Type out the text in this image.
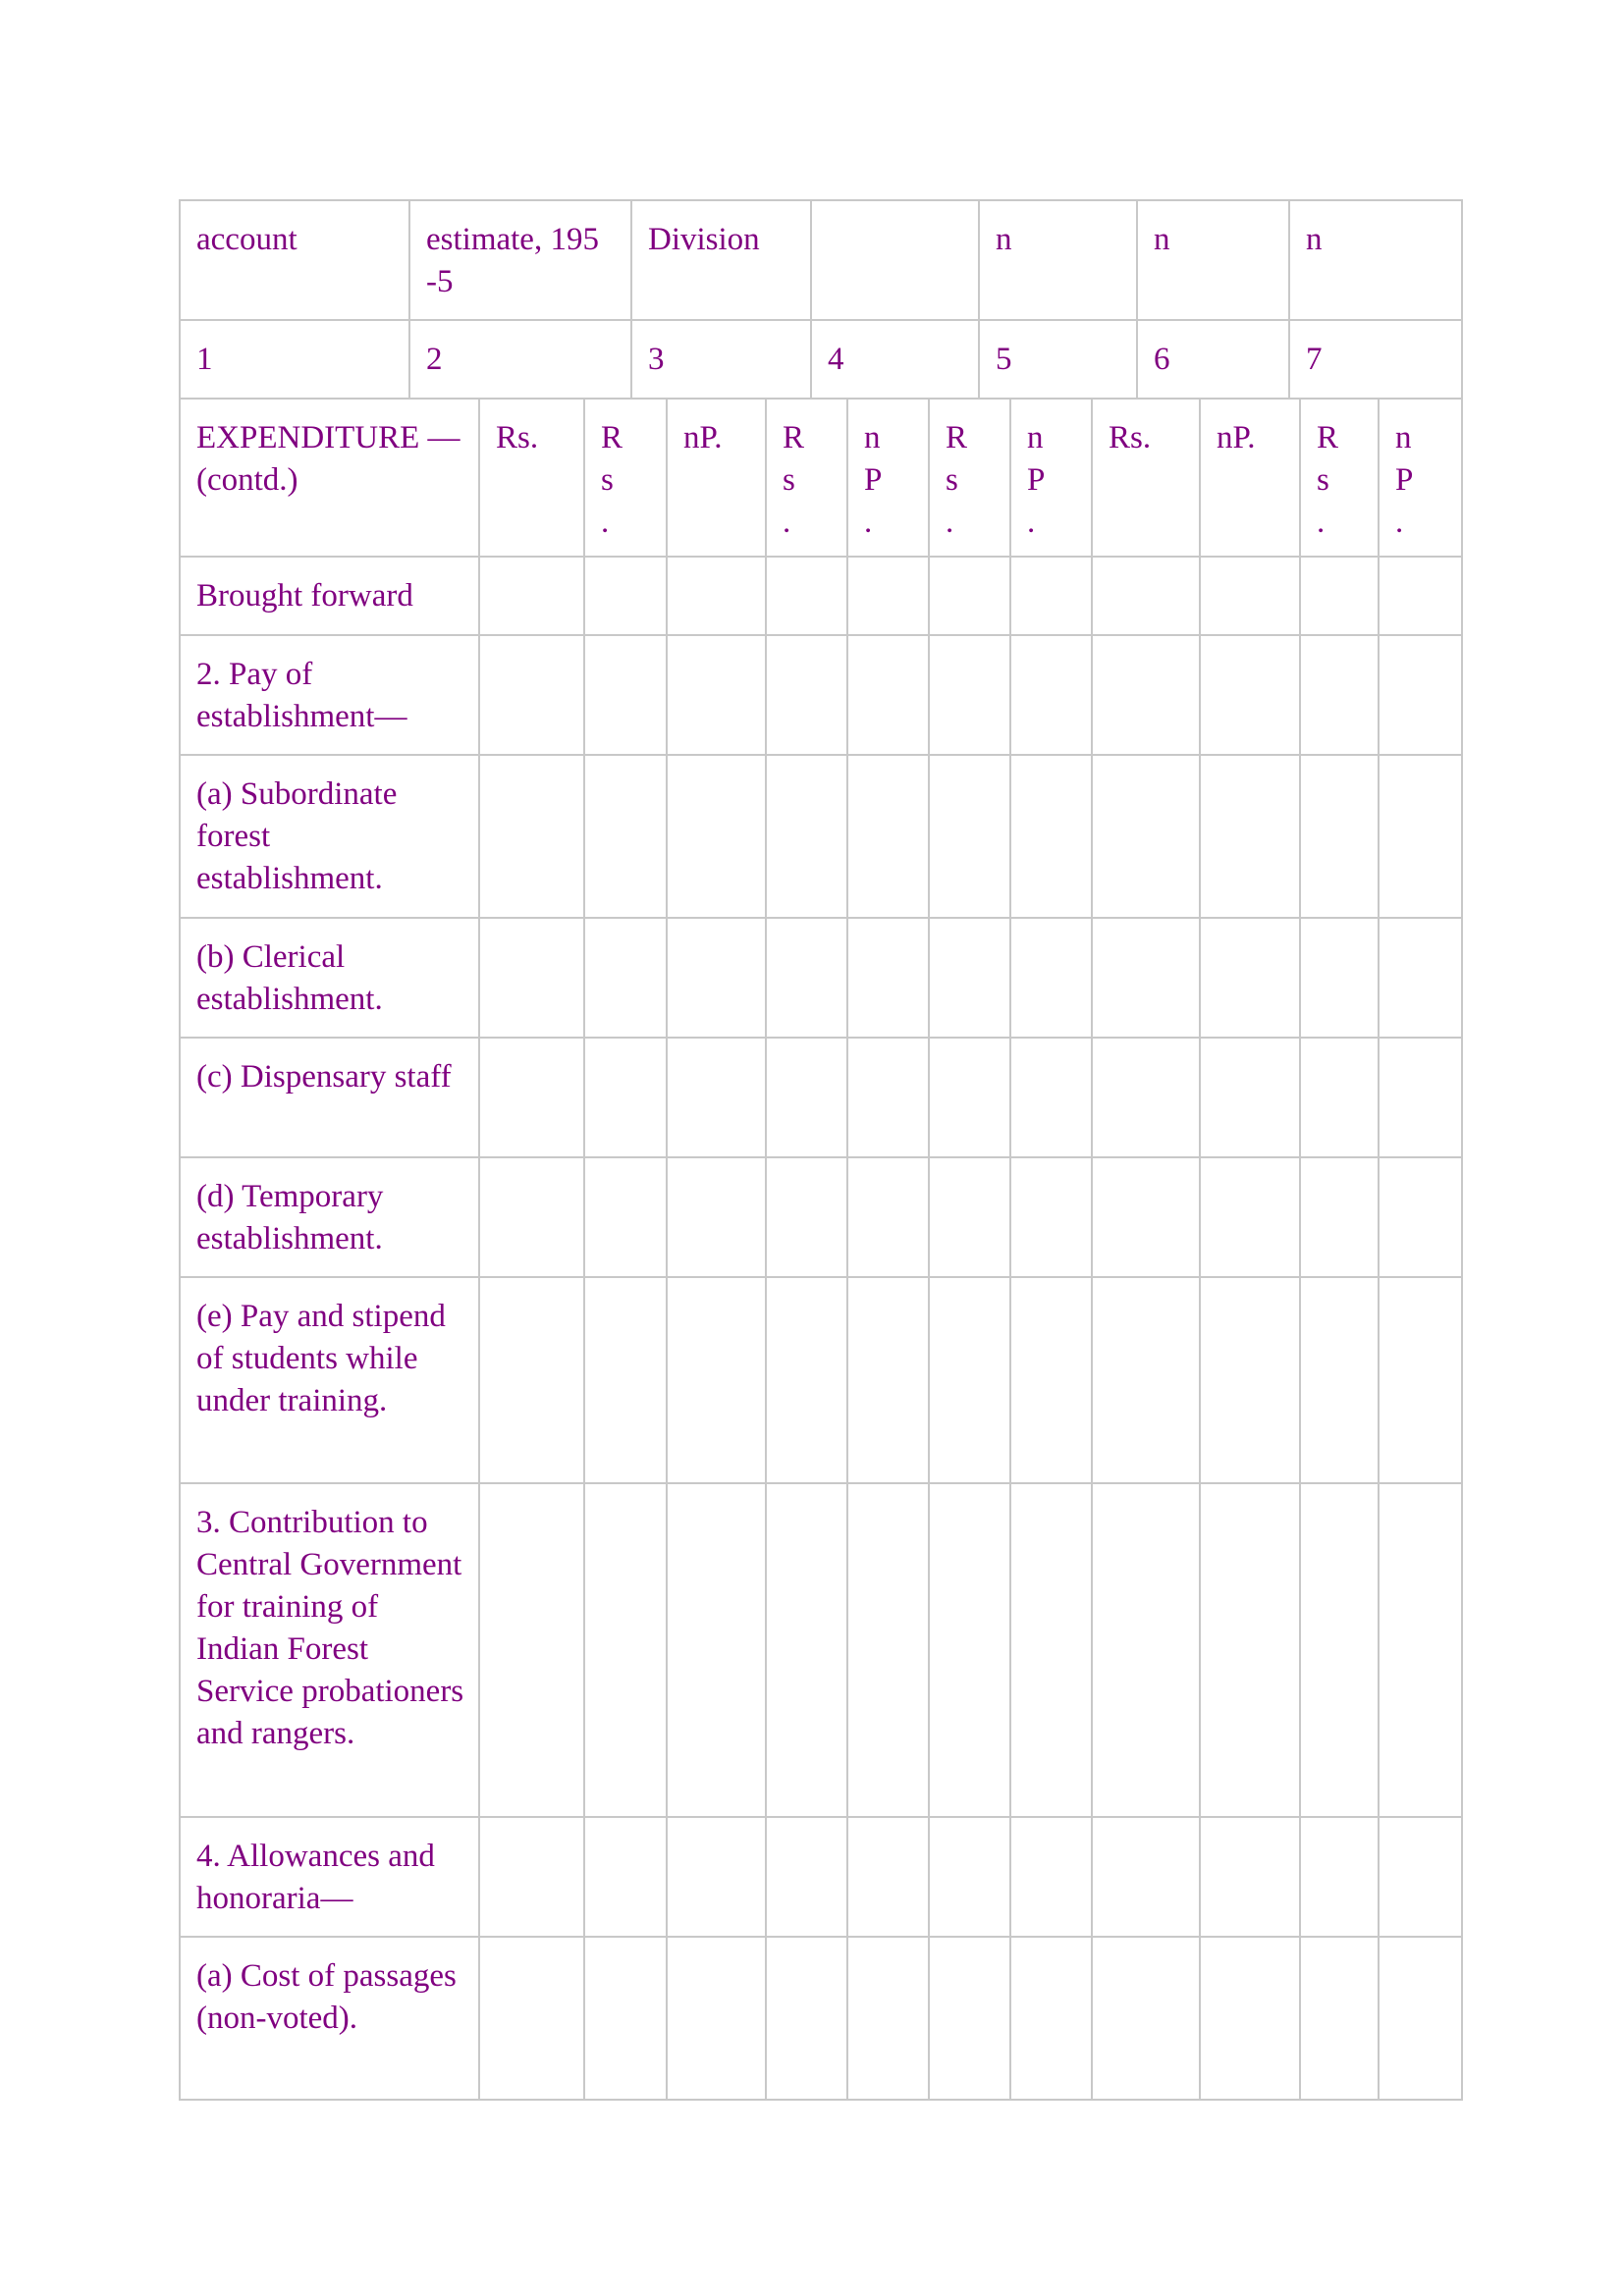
account	estimate, 195 -5	Division		n	n	n
1	2	3	4	5	6	7
EXPENDITURE —(contd.)	Rs.	Rs.	nP.	Rs.	nP.	Rs.	nP.	Rs.	nP.	Rs.	nP.
Brought forward											
2. Pay of establishment—											
(a) Subordinate forest establishment.											
(b) Clerical establishment.											
(c) Dispensary staff											
(d) Temporary establishment.											
(e) Pay and stipend of students while under training.											
3. Contribution to Central Government for training of Indian Forest Service probationers and rangers.											
4. Allowances and honoraria—											
(a) Cost of passages (non-voted).											
